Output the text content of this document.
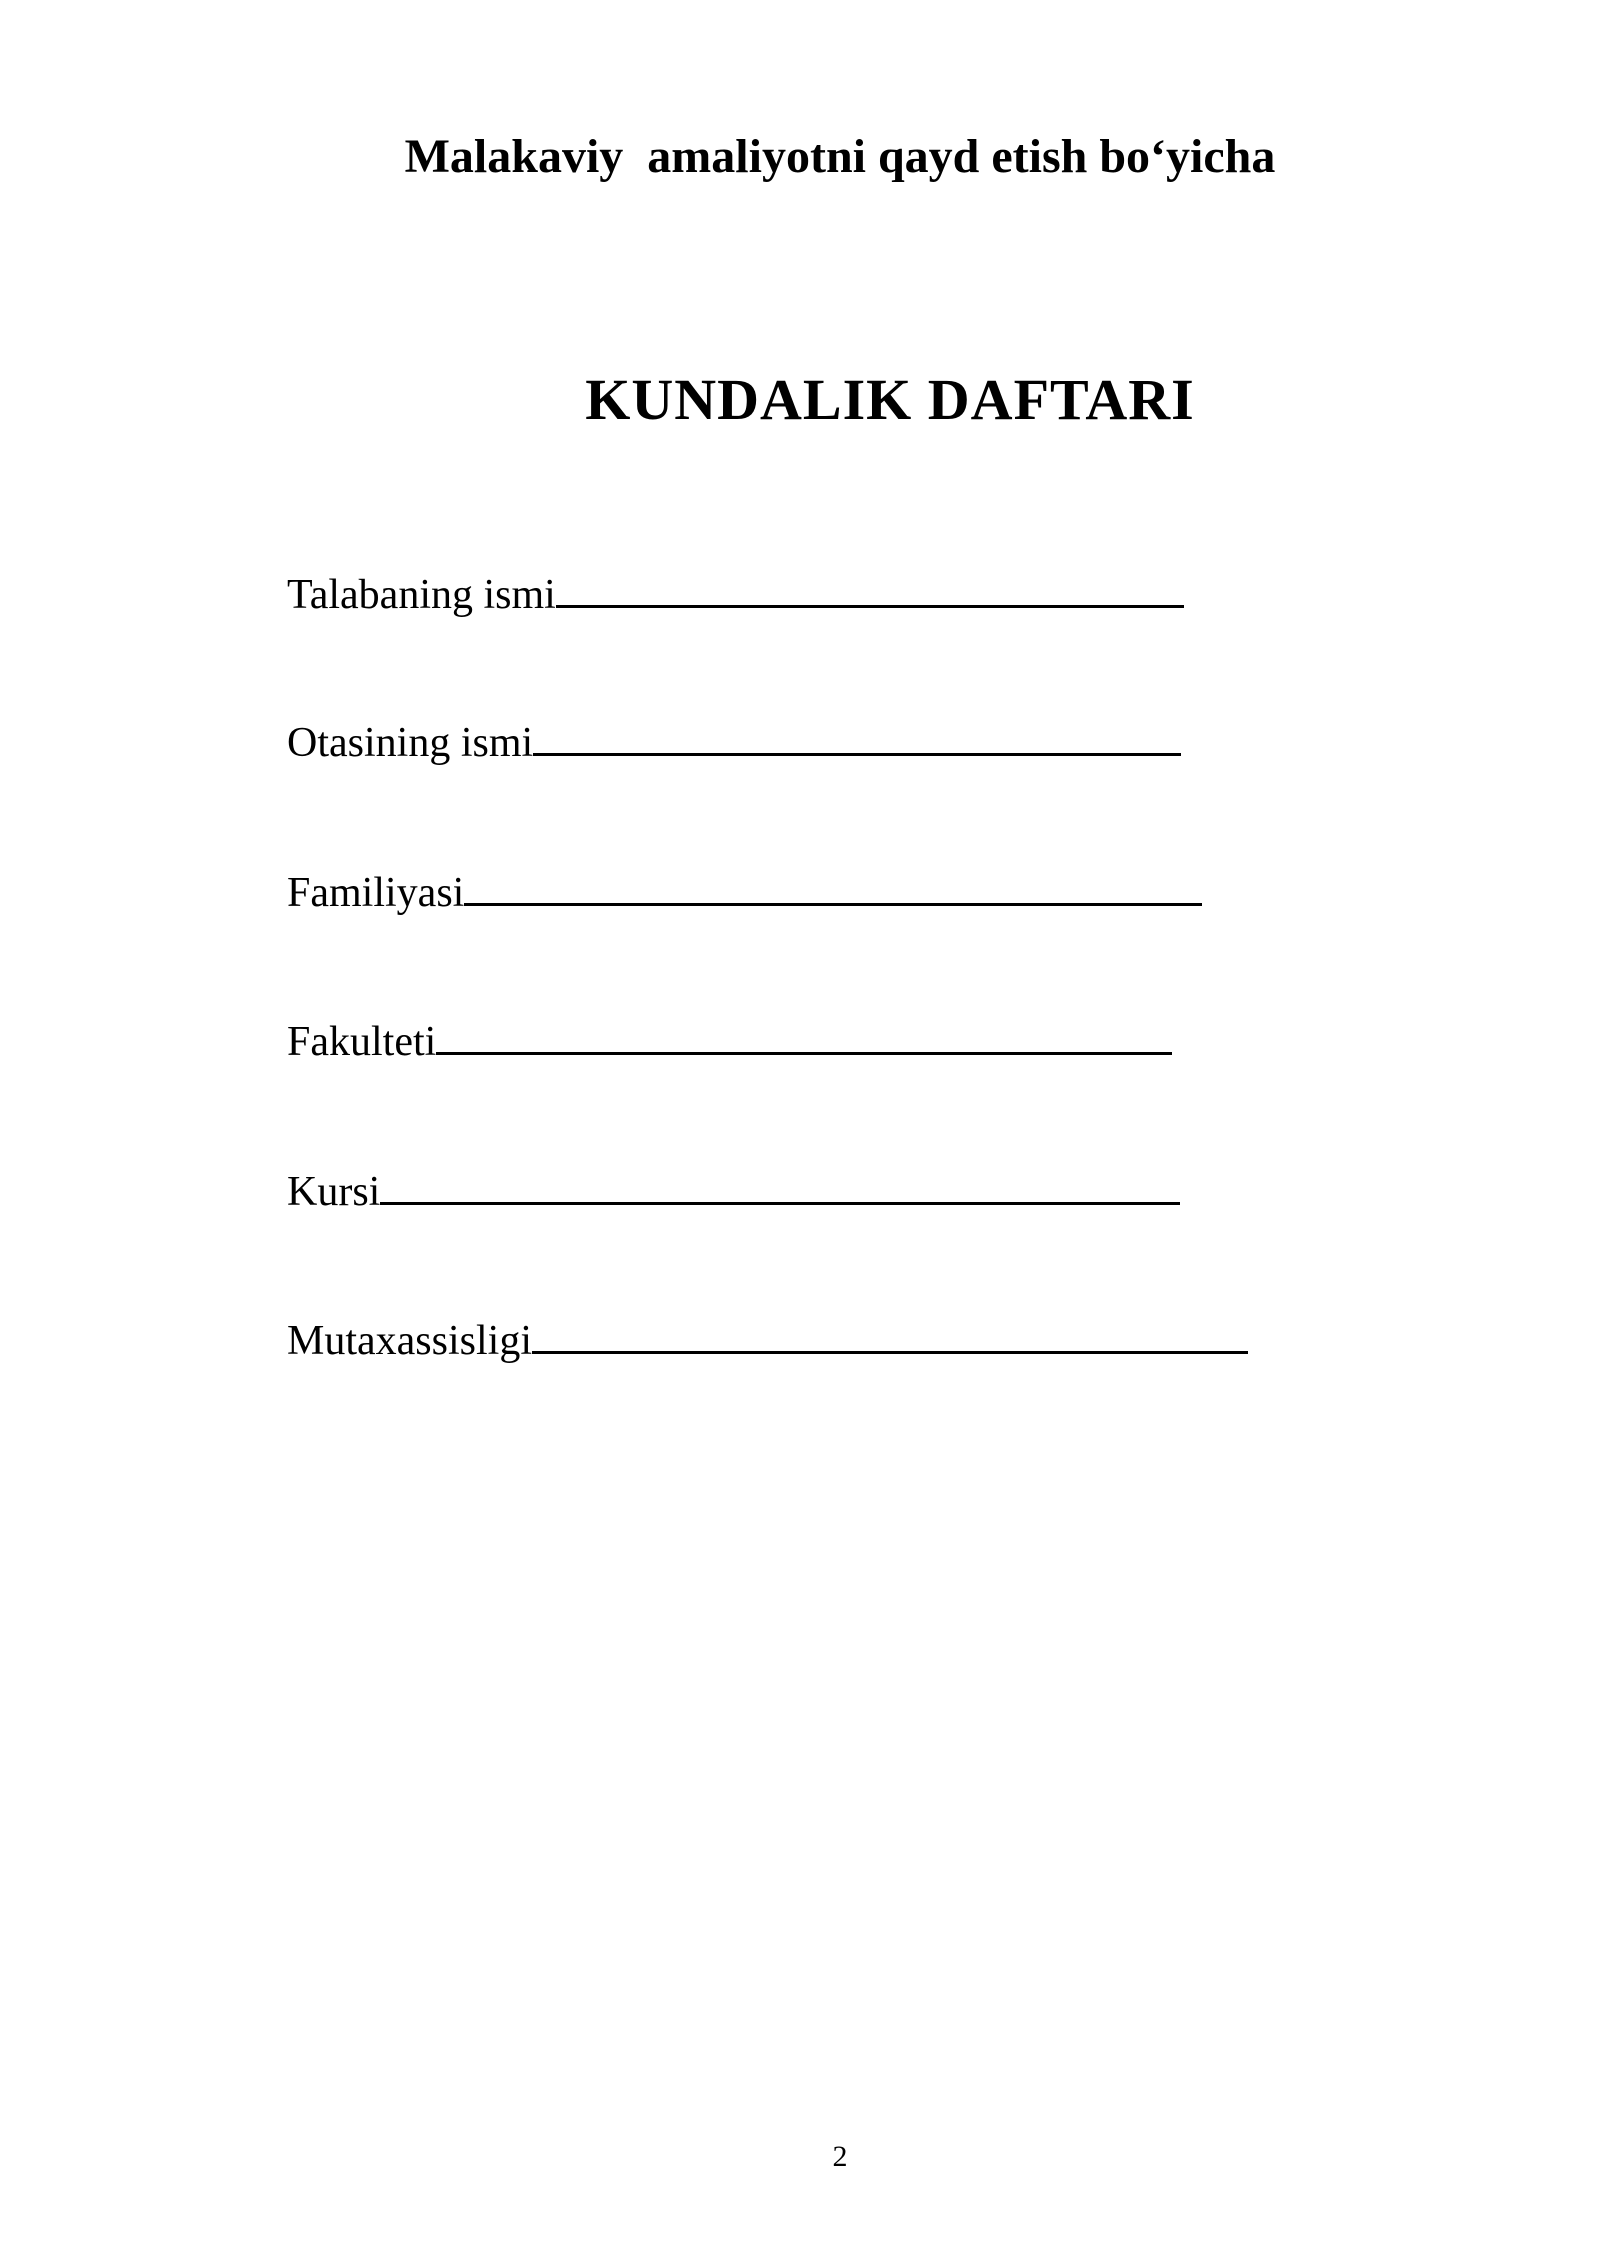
Malakaviy  amaliyotni qayd etish bo‘yicha
KUNDALIK DAFTARI
Talabaning ismi
Otasining ismi
Familiyasi
Fakulteti
Kursi
Mutaxassisligi
2
